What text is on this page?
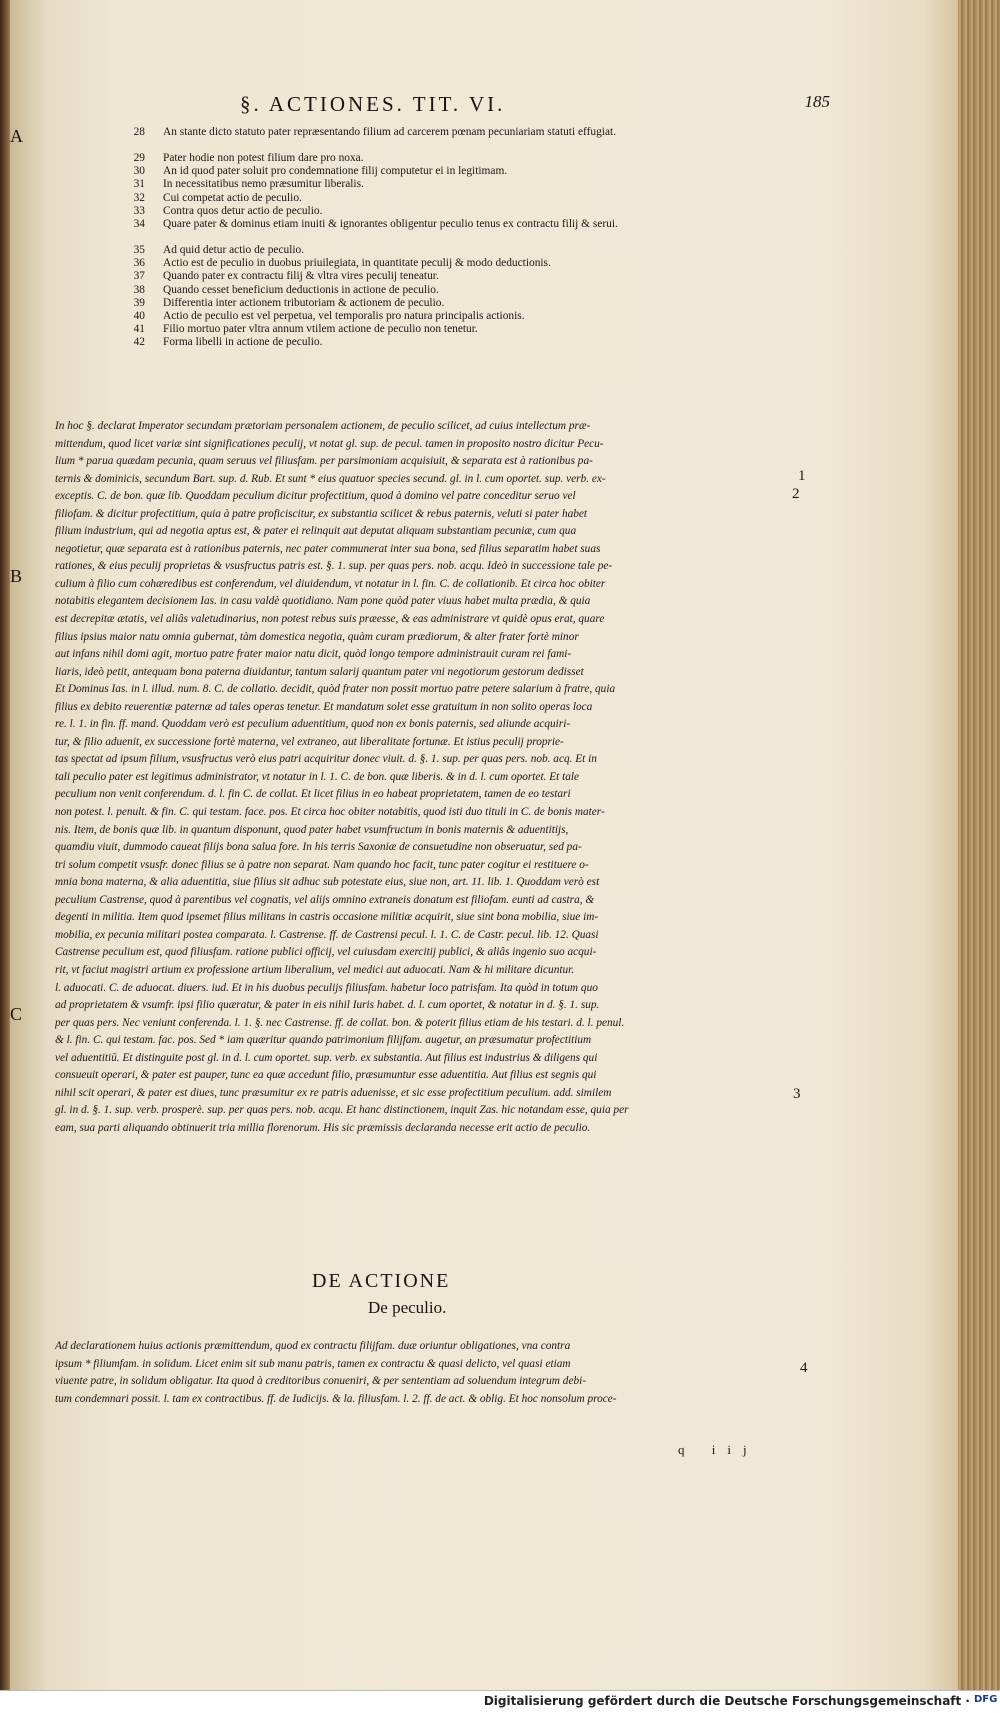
§. ACTIONES. TIT. VI.	185
A
B
C
28 An stante dicto statuto pater repræsentando filium ad carcerem pœnam pecuniariam statuti effugiat.
29 Pater hodie non potest filium dare pro noxa.
30 An id quod pater soluit pro condemnatione filij computetur ei in legitimam.
31 In necessitatibus nemo præsumitur liberalis.
32 Cui competat actio de peculio.
33 Contra quos detur actio de peculio.
34 Quare pater & dominus etiam inuiti & ignorantes obligentur peculio tenus ex contractu filij & serui.
35 Ad quid detur actio de peculio.
36 Actio est de peculio in duobus priuilegiata, in quantitate peculij & modo deductionis.
37 Quando pater ex contractu filij & vltra vires peculij teneatur.
38 Quando cesset beneficium deductionis in actione de peculio.
39 Differentia inter actionem tributoriam & actionem de peculio.
40 Actio de peculio est vel perpetua, vel temporalis pro natura principalis actionis.
41 Filio mortuo pater vltra annum vtilem actione de peculio non tenetur.
42 Forma libelli in actione de peculio.
In hoc §. declarat Imperator secundam prætoriam personalem actionem, de peculio scilicet, ad cuius intellectum præ-
mittendum, quod licet variæ sint significationes peculij, vt notat gl. sup. de pecul. tamen in proposito nostro dicitur Pecu-
lium * parua quædam pecunia, quam seruus vel filiusfam. per parsimoniam acquisiuit, & separata est à rationibus pa-
ternis & dominicis, secundum Bart. sup. d. Rub. Et sunt * eius quatuor species secund. gl. in l. cum oportet. sup. verb. ex-
exceptis. C. de bon. quæ lib. Quoddam peculium dicitur profectitium, quod à domino vel patre conceditur seruo vel
filiofam. & dicitur profectitium, quia à patre proficiscitur, ex substantia scilicet & rebus paternis, veluti si pater habet
filium industrium, qui ad negotia aptus est, & pater ei relinquit aut deputat aliquam substantiam pecuniæ, cum qua
negotietur, quæ separata est à rationibus paternis, nec pater communerat inter sua bona, sed filius separatim habet suas
rationes, & eius peculij proprietas & vsusfructus patris est. §. 1. sup. per quas pers. nob. acqu. Ideò in successione tale pe-
culium à filio cum cohæredibus est conferendum, vel diuidendum, vt notatur in l. fin. C. de collationib. Et circa hoc obiter
notabitis elegantem decisionem Ias. in casu valdè quotidiano. Nam pone quòd pater viuus habet multa prædia, & quia
est decrepitæ ætatis, vel aliâs valetudinarius, non potest rebus suis præesse, & eas administrare vt quidè opus erat, quare
filius ipsius maior natu omnia gubernat, tàm domestica negotia, quàm curam prædiorum, & alter frater fortè minor
aut infans nihil domi agit, mortuo patre frater maior natu dicit, quòd longo tempore administrauit curam rei fami-
liaris, ideò petit, antequam bona paterna diuidantur, tantum salarij quantum pater vni negotiorum gestorum dedisset
Et Dominus Ias. in l. illud. num. 8. C. de collatio. decidit, quòd frater non possit mortuo patre petere salarium à fratre, quia
filius ex debito reuerentiæ paternæ ad tales operas tenetur. Et mandatum solet esse gratuitum in non solito operas loca
re. l. 1. in fin. ff. mand. Quoddam verò est peculium aduentitium, quod non ex bonis paternis, sed aliunde acquiri-
tur, & filio aduenit, ex successione fortè materna, vel extraneo, aut liberalitate fortunæ. Et istius peculij proprie-
tas spectat ad ipsum filium, vsusfructus verò eius patri acquiritur donec viuit. d. §. 1. sup. per quas pers. nob. acq. Et in
tali peculio pater est legitimus administrator, vt notatur in l. 1. C. de bon. quæ liberis. & in d. l. cum oportet. Et tale
peculium non venit conferendum. d. l. fin C. de collat. Et licet filius in eo habeat proprietatem, tamen de eo testari
non potest. l. penult. & fin. C. qui testam. face. pos. Et circa hoc obiter notabitis, quod isti duo tituli in C. de bonis mater-
nis. Item, de bonis quæ lib. in quantum disponunt, quod pater habet vsumfructum in bonis maternis & aduentitijs,
quamdiu viuit, dummodo caueat filijs bona salua fore. In his terris Saxoniæ de consuetudine non obseruatur, sed pa-
tri solum competit vsusfr. donec filius se à patre non separat. Nam quando hoc facit, tunc pater cogitur ei restituere o-
mnia bona materna, & alia aduentitia, siue filius sit adhuc sub potestate eius, siue non, art. 11. lib. 1. Quoddam verò est
peculium Castrense, quod à parentibus vel cognatis, vel alijs omnino extraneis donatum est filiofam. eunti ad castra, &
degenti in militia. Item quod ipsemet filius militans in castris occasione militiæ acquirit, siue sint bona mobilia, siue im-
mobilia, ex pecunia militari postea comparata. l. Castrense. ff. de Castrensi pecul. l. 1. C. de Castr. pecul. lib. 12. Quasi
Castrense peculium est, quod filiusfam. ratione publici officij, vel cuiusdam exercitij publici, & aliâs ingenio suo acqui-
rit, vt faciut magistri artium ex professione artium liberalium, vel medici aut aduocati. Nam & hi militare dicuntur.
l. aduocati. C. de aduocat. diuers. iud. Et in his duobus peculijs filiusfam. habetur loco patrisfam. Ita quòd in totum quo
ad proprietatem & vsumfr. ipsi filio quæratur, & pater in eis nihil Iuris habet. d. l. cum oportet, & notatur in d. §. 1. sup.
per quas pers. Nec veniunt conferenda. l. 1. §. nec Castrense. ff. de collat. bon. & poterit filius etiam de his testari. d. l. penul.
& l. fin. C. qui testam. fac. pos. Sed * iam quæritur quando patrimonium filijfam. augetur, an præsumatur profectitium
vel aduentitiū. Et distinguite post gl. in d. l. cum oportet. sup. verb. ex substantia. Aut filius est industrius & diligens qui
consueuit operari, & pater est pauper, tunc ea quæ accedunt filio, præsumuntur esse aduentitia. Aut filius est segnis qui
nihil scit operari, & pater est diues, tunc præsumitur ex re patris aduenisse, et sic esse profectitium peculium. add. similem
gl. in d. §. 1. sup. verb. prosperè. sup. per quas pers. nob. acqu. Et hanc distinctionem, inquit Zas. hic notandam esse, quia per
eam, sua parti aliquando obtinuerit tria millia florenorum. His sic præmissis declaranda necesse erit actio de peculio.
1
2
3
4
DE ACTIONE
De peculio.
Ad declarationem huius actionis præmittendum, quod ex contractu filijfam. duæ oriuntur obligationes, vna contra
ipsum * filiumfam. in solidum. Licet enim sit sub manu patris, tamen ex contractu & quasi delicto, vel quasi etiam
viuente patre, in solidum obligatur. Ita quod à creditoribus conueniri, & per sententiam ad soluendum integrum debi-
tum condemnari possit. l. tam ex contractibus. ff. de Iudicijs. & la. filiusfam. l. 2. ff. de act. & oblig. Et hoc nonsolum proce-
q iij
Digitalisierung gefördert durch die Deutsche Forschungsgemeinschaft · DFG
